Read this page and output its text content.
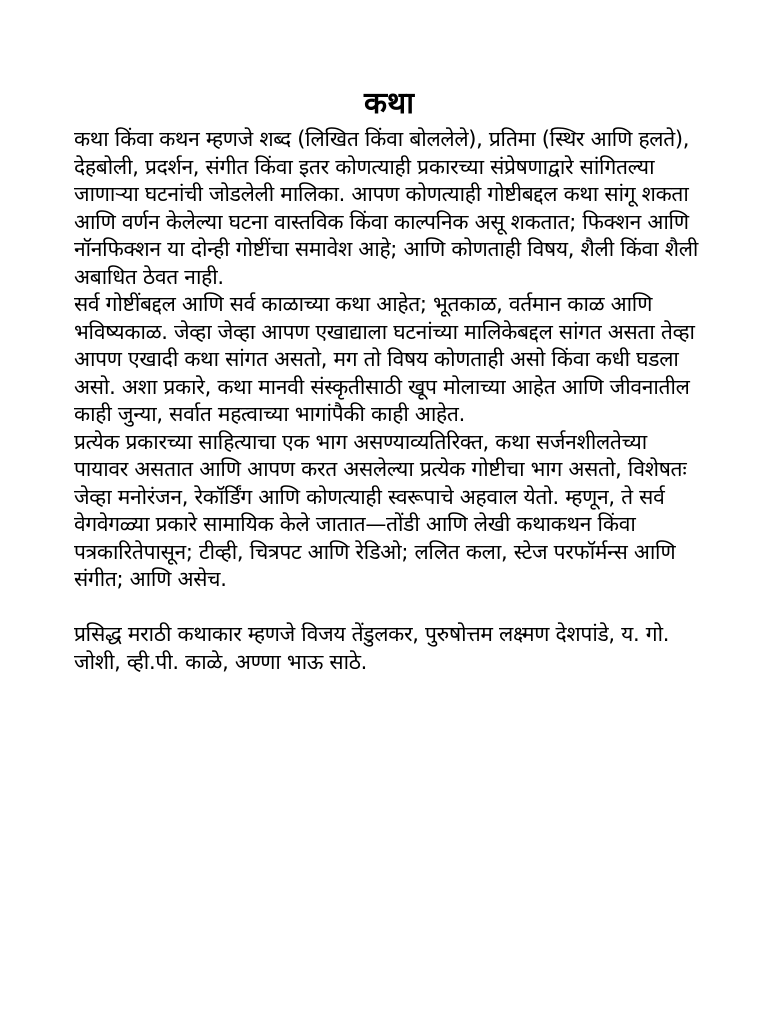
कथा

कथा किंवा कथन म्हणजे शब्द (लिखित किंवा बोललेले), प्रतिमा (स्थिर आणि हलते), देहबोली, प्रदर्शन, संगीत किंवा इतर कोणत्याही प्रकारच्या संप्रेषणाद्वारे सांगितल्या जाणार्‍या घटनांची जोडलेली मालिका. आपण कोणत्याही गोष्टीबद्दल कथा सांगू शकता आणि वर्णन केलेल्या घटना वास्तविक किंवा काल्पनिक असू शकतात; फिक्शन आणि नॉनफिक्शन या दोन्ही गोष्टींचा समावेश आहे; आणि कोणताही विषय, शैली किंवा शैली अबाधित ठेवत नाही.

सर्व गोष्टींबद्दल आणि सर्व काळाच्या कथा आहेत; भूतकाळ, वर्तमान काळ आणि भविष्यकाळ. जेव्हा जेव्हा आपण एखाद्याला घटनांच्या मालिकेबद्दल सांगत असता तेव्हा आपण एखादी कथा सांगत असतो, मग तो विषय कोणताही असो किंवा कधी घडला असो. अशा प्रकारे, कथा मानवी संस्कृतीसाठी खूप मोलाच्या आहेत आणि जीवनातील काही जुन्या, सर्वात महत्वाच्या भागांपैकी काही आहेत.

प्रत्येक प्रकारच्या साहित्याचा एक भाग असण्याव्यतिरिक्त, कथा सर्जनशीलतेच्या पायावर असतात आणि आपण करत असलेल्या प्रत्येक गोष्टीचा भाग असतो, विशेषतः जेव्हा मनोरंजन, रेकॉर्डिंग आणि कोणत्याही स्वरूपाचे अहवाल येतो. म्हणून, ते सर्व वेगवेगळ्या प्रकारे सामायिक केले जातात—तोंडी आणि लेखी कथाकथन किंवा पत्रकारितेपासून; टीव्ही, चित्रपट आणि रेडिओ; ललित कला, स्टेज परफॉर्मन्स आणि संगीत; आणि असेच.

प्रसिद्ध मराठी कथाकार म्हणजे विजय तेंडुलकर, पुरुषोत्तम लक्ष्मण देशपांडे, य. गो. जोशी, व्ही.पी. काळे, अण्णा भाऊ साठे.
